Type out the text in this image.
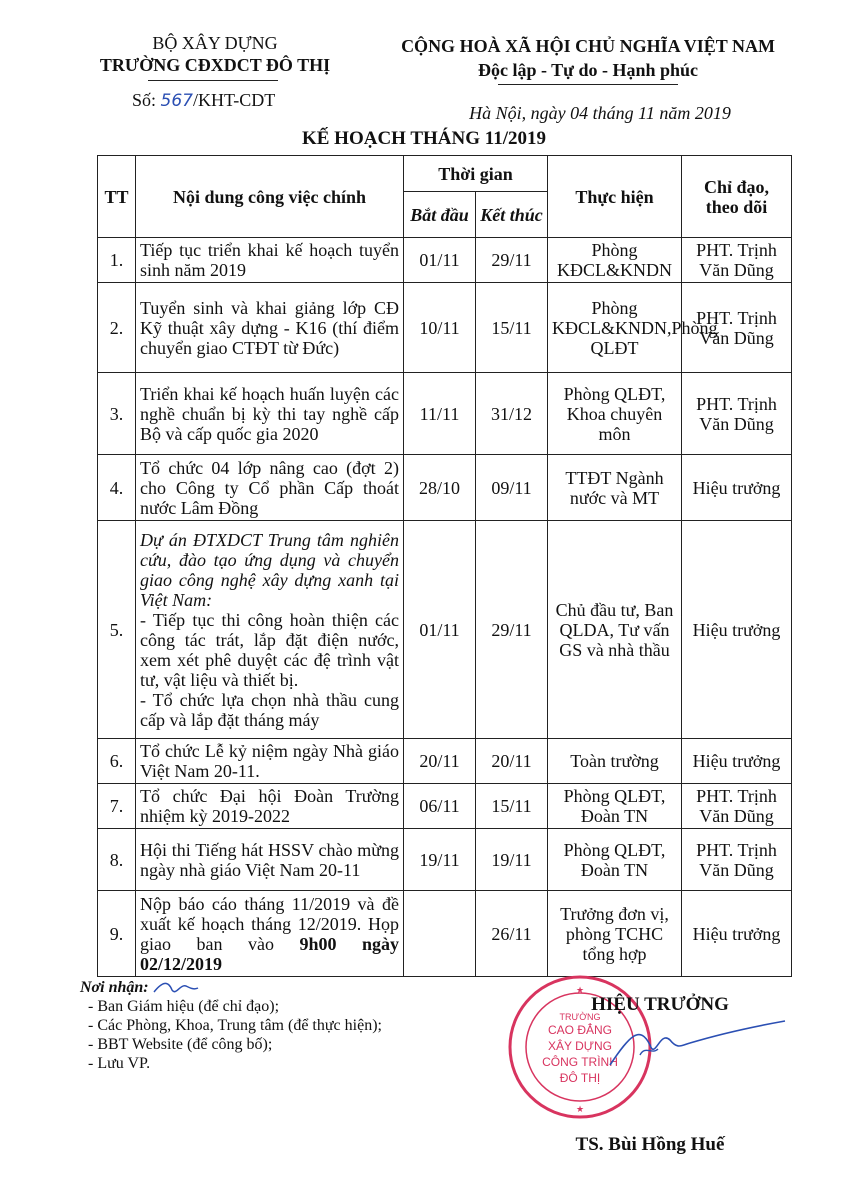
BỘ XÂY DỰNG
TRƯỜNG CĐXDCT ĐÔ THỊ
Số: 567/KHT-CDT
CỘNG HOÀ XÃ HỘI CHỦ NGHĨA VIỆT NAM
Độc lập - Tự do - Hạnh phúc
Hà Nội, ngày 04 tháng 11 năm 2019
KẾ HOẠCH THÁNG 11/2019
TT	Nội dung công việc chính	Thời gian		Thực hiện	Chỉ đạo, theo dõi
		Bắt đầu	Kết thúc		
1.	Tiếp tục triển khai kế hoạch tuyển sinh năm 2019	01/11	29/11	Phòng KĐCL&KNDN	PHT. Trịnh Văn Dũng
2.	Tuyển sinh và khai giảng lớp CĐ Kỹ thuật xây dựng - K16 (thí điểm chuyển giao CTĐT từ Đức)	10/11	15/11	Phòng KĐCL&KNDN,Phòng QLĐT	PHT. Trịnh Văn Dũng
3.	Triển khai kế hoạch huấn luyện các nghề chuẩn bị kỳ thi tay nghề cấp Bộ và cấp quốc gia 2020	11/11	31/12	Phòng QLĐT, Khoa chuyên môn	PHT. Trịnh Văn Dũng
4.	Tổ chức 04 lớp nâng cao (đợt 2) cho Công ty Cổ phần Cấp thoát nước Lâm Đồng	28/10	09/11	TTĐT Ngành nước và MT	Hiệu trưởng
5.	Dự án ĐTXDCT Trung tâm nghiên cứu, đào tạo ứng dụng và chuyển giao công nghệ xây dựng xanh tại Việt Nam:
- Tiếp tục thi công hoàn thiện các công tác trát, lắp đặt điện nước, xem xét phê duyệt các đệ trình vật tư, vật liệu và thiết bị.
- Tổ chức lựa chọn nhà thầu cung cấp và lắp đặt tháng máy	01/11	29/11	Chủ đầu tư, Ban QLDA, Tư vấn GS và nhà thầu	Hiệu trưởng
6.	Tổ chức Lễ kỷ niệm ngày Nhà giáo Việt Nam 20-11.	20/11	20/11	Toàn trường	Hiệu trưởng
7.	Tổ chức Đại hội Đoàn Trường nhiệm kỳ 2019-2022	06/11	15/11	Phòng QLĐT, Đoàn TN	PHT. Trịnh Văn Dũng
8.	Hội thi Tiếng hát HSSV chào mừng ngày nhà giáo Việt Nam 20-11	19/11	19/11	Phòng QLĐT, Đoàn TN	PHT. Trịnh Văn Dũng
9.	Nộp báo cáo tháng 11/2019 và đề xuất kế hoạch tháng 12/2019. Họp giao ban vào 9h00 ngày 02/12/2019		26/11	Trưởng đơn vị, phòng TCHC tổng hợp	Hiệu trưởng
Nơi nhận:
- Ban Giám hiệu (để chỉ đạo);
- Các Phòng, Khoa, Trung tâm (để thực hiện);
- BBT Website (để công bố);
- Lưu VP.
★
★
TRƯỜNG
CAO ĐẲNG
XÂY DỰNG
CÔNG TRÌNH
ĐÔ THỊ
HIỆU TRƯỞNG
TS. Bùi Hồng Huế
